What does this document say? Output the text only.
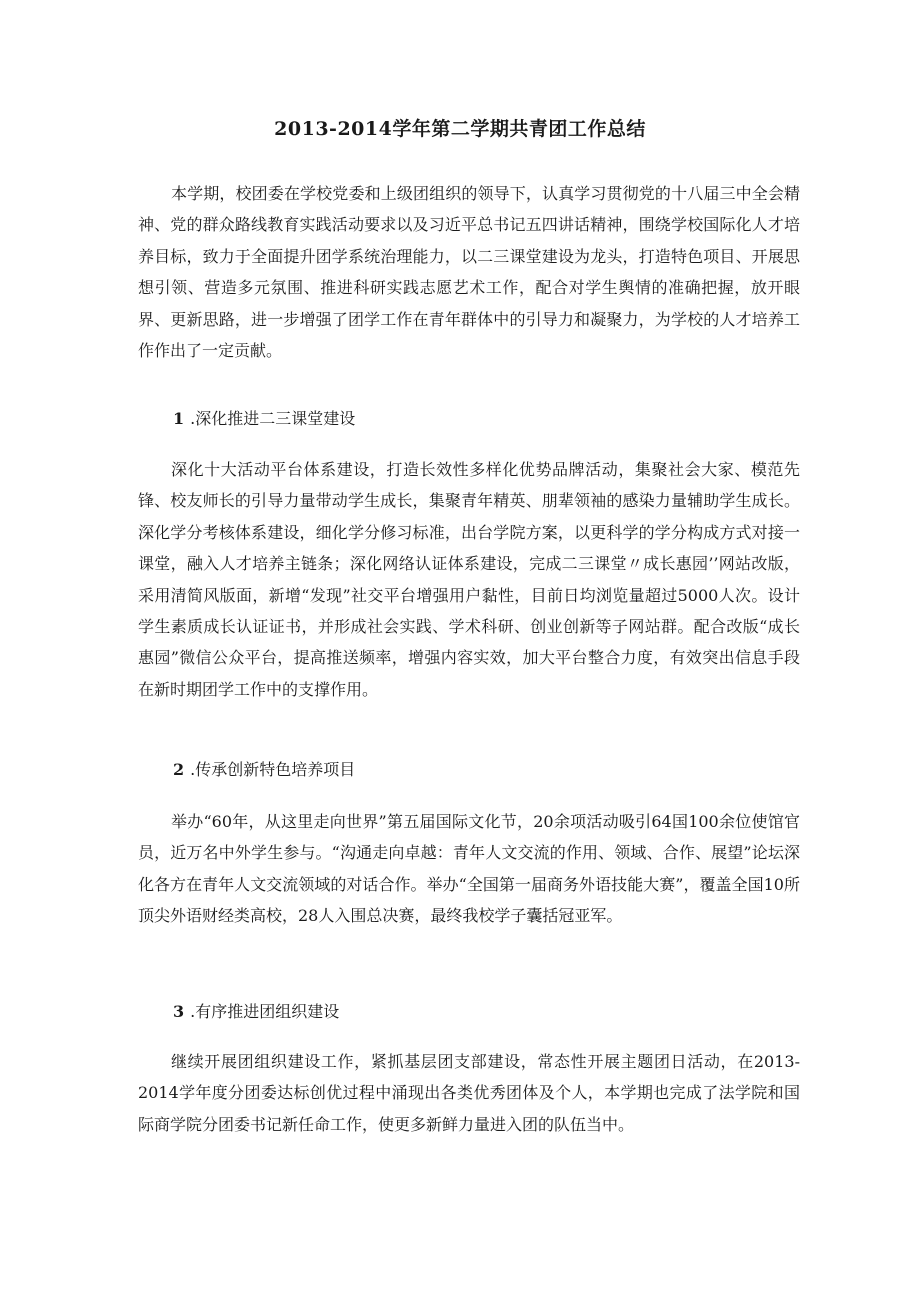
2013-2014学年第二学期共青团工作总结

本学期，校团委在学校党委和上级团组织的领导下，认真学习贯彻党的十八届三中全会精神、党的群众路线教育实践活动要求以及习近平总书记五四讲话精神，围绕学校国际化人才培养目标，致力于全面提升团学系统治理能力，以二三课堂建设为龙头，打造特色项目、开展思想引领、营造多元氛围、推进科研实践志愿艺术工作，配合对学生舆情的准确把握，放开眼界、更新思路，进一步增强了团学工作在青年群体中的引导力和凝聚力，为学校的人才培养工作作出了一定贡献。

1 .深化推进二三课堂建设

深化十大活动平台体系建设，打造长效性多样化优势品牌活动，集聚社会大家、模范先锋、校友师长的引导力量带动学生成长，集聚青年精英、朋辈领袖的感染力量辅助学生成长。深化学分考核体系建设，细化学分修习标准，出台学院方案，以更科学的学分构成方式对接一课堂，融入人才培养主链条；深化网络认证体系建设，完成二三课堂〃成长惠园’’网站改版，采用清简风版面，新增“发现”社交平台增强用户黏性，目前日均浏览量超过5000人次。设计学生素质成长认证证书，并形成社会实践、学术科研、创业创新等子网站群。配合改版“成长惠园”微信公众平台，提高推送频率，增强内容实效，加大平台整合力度，有效突出信息手段在新时期团学工作中的支撑作用。

2 .传承创新特色培养项目

举办“60年，从这里走向世界”第五届国际文化节，20余项活动吸引64国100余位使馆官员，近万名中外学生参与。“沟通走向卓越：青年人文交流的作用、领域、合作、展望”论坛深化各方在青年人文交流领域的对话合作。举办“全国第一届商务外语技能大赛”，覆盖全国10所顶尖外语财经类高校，28人入围总决赛，最终我校学子囊括冠亚军。

3 .有序推进团组织建设

继续开展团组织建设工作，紧抓基层团支部建设，常态性开展主题团日活动，在2013-2014学年度分团委达标创优过程中涌现出各类优秀团体及个人，本学期也完成了法学院和国际商学院分团委书记新任命工作，使更多新鲜力量进入团的队伍当中。
